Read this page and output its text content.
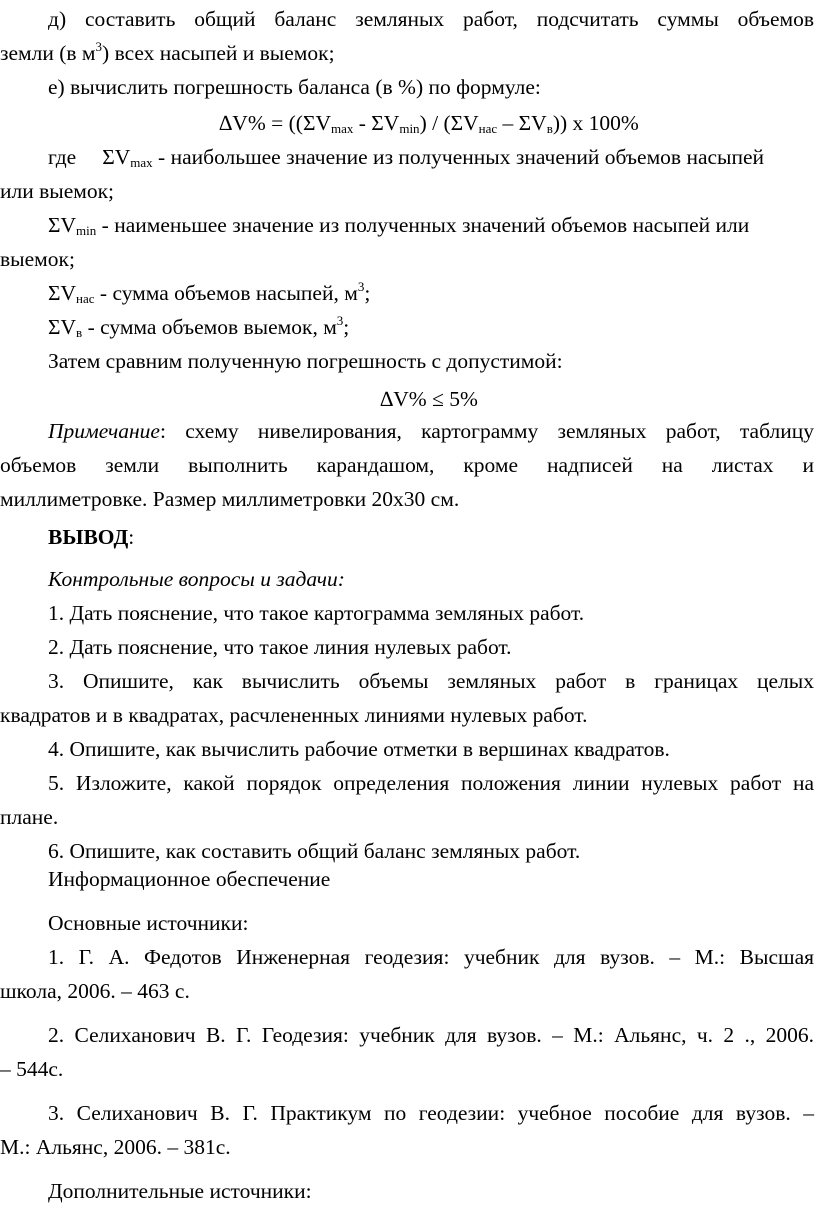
д) составить общий баланс земляных работ, подсчитать суммы объемов
земли (в $м^3$) всех насыпей и выемок;
е) вычислить погрешность баланса (в %) по формуле:
$\Delta V\% = ((\Sigma V_{max} - \Sigma V_{min}) / (\Sigma V_{нас} - \Sigma V_в))$ х 100%
где $\Sigma V_{max}$ - наибольшее значение из полученных значений объемов насыпей
или выемок;
$\Sigma V_{min}$ - наименьшее значение из полученных значений объемов насыпей или
выемок;
$\Sigma V_{нас}$ - сумма объемов насыпей, $м^3$;
$\Sigma V_в$ - сумма объемов выемок, $м^3$;
Затем сравним полученную погрешность с допустимой:
∆V% ≤ 5%
Примечание: схему нивелирования, картограмму земляных работ, таблицу
объемов земли выполнить карандашом, кроме надписей на листах и
миллиметровке. Размер миллиметровки 20х30 см.
ВЫВОД:
Контрольные вопросы и задачи:
1. Дать пояснение, что такое картограмма земляных работ.
2. Дать пояснение, что такое линия нулевых работ.
3. Опишите, как вычислить объемы земляных работ в границах целых
квадратов и в квадратах, расчлененных линиями нулевых работ.
4. Опишите, как вычислить рабочие отметки в вершинах квадратов.
5. Изложите, какой порядок определения положения линии нулевых работ на
плане.
6. Опишите, как составить общий баланс земляных работ.
Информационное обеспечение
Основные источники:
1. Г. А. Федотов Инженерная геодезия: учебник для вузов. – М.: Высшая
школа, 2006. – 463 с.
2. Селиханович В. Г. Геодезия: учебник для вузов. – М.: Альянс, ч. 2 ., 2006.
– 544с.
3. Селиханович В. Г. Практикум по геодезии: учебное пособие для вузов. –
М.: Альянс, 2006. – 381с.
Дополнительные источники:
